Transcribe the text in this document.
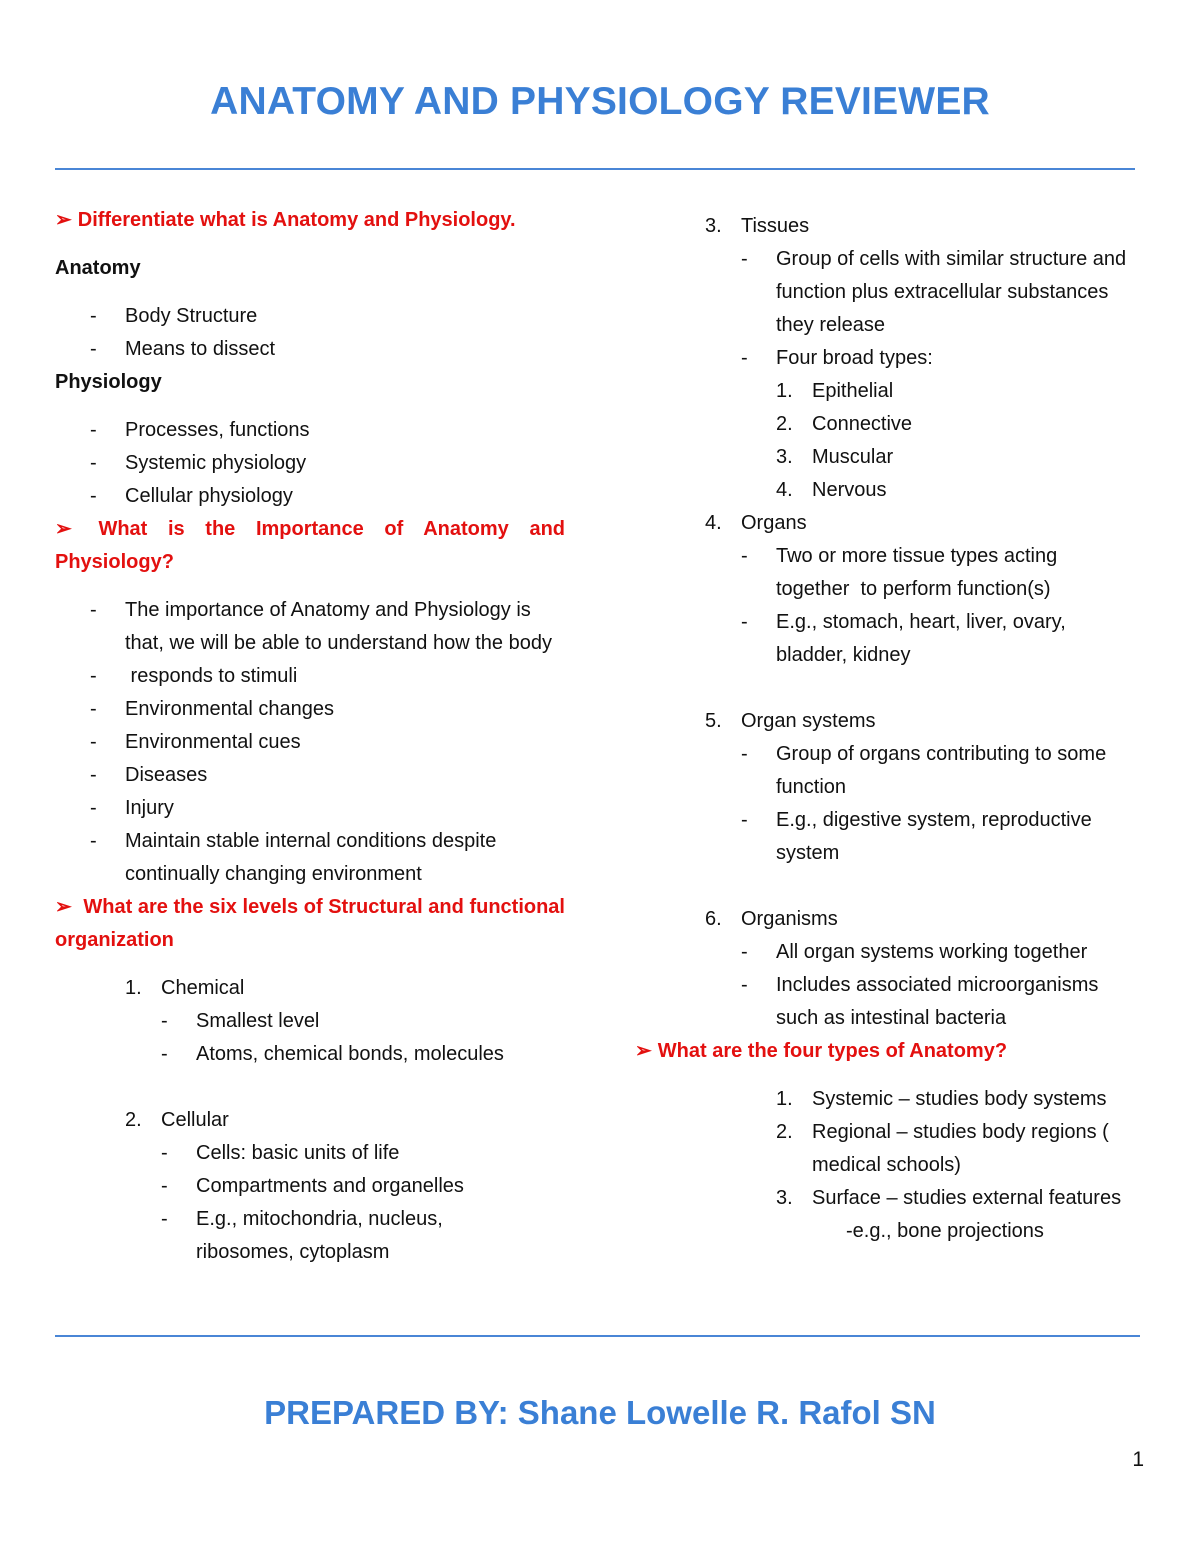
ANATOMY AND PHYSIOLOGY REVIEWER
➢ Differentiate what is Anatomy and Physiology.
Anatomy
-	Body Structure
-	Means to dissect
Physiology
-	Processes, functions
-	Systemic physiology
-	Cellular physiology
➢ What is the Importance of Anatomy and Physiology?
-	The importance of Anatomy and Physiology is that, we will be able to understand how the body
-	responds to stimuli
-	Environmental changes
-	Environmental cues
-	Diseases
-	Injury
-	Maintain stable internal conditions despite continually changing environment
➢ What are the six levels of Structural and functional organization
1. Chemical
-	Smallest level
-	Atoms, chemical bonds, molecules
2. Cellular
-	Cells: basic units of life
-	Compartments and organelles
-	E.g., mitochondria, nucleus, ribosomes, cytoplasm
3. Tissues
-	Group of cells with similar structure and function plus extracellular substances they release
-	Four broad types:
1. Epithelial
2. Connective
3. Muscular
4. Nervous
4. Organs
-	Two or more tissue types acting together  to perform function(s)
-	E.g., stomach, heart, liver, ovary, bladder, kidney
5. Organ systems
-	Group of organs contributing to some function
-	E.g., digestive system, reproductive system
6. Organisms
-	All organ systems working together
-	Includes associated microorganisms such as intestinal bacteria
➢ What are the four types of Anatomy?
1. Systemic – studies body systems
2. Regional – studies body regions ( medical schools)
3. Surface – studies external features
-e.g., bone projections
PREPARED BY: Shane Lowelle R. Rafol SN
1
